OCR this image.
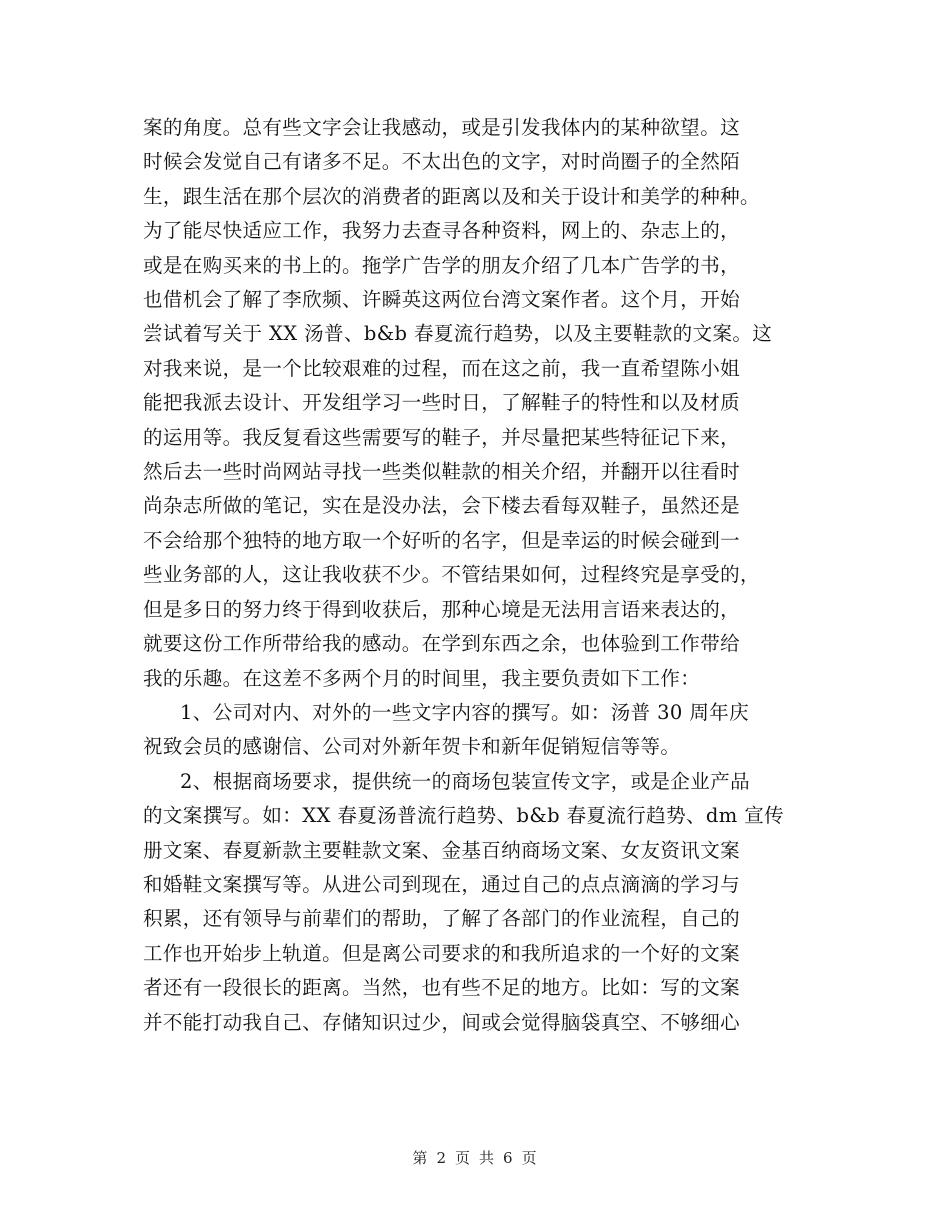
案的角度。总有些文字会让我感动，或是引发我体内的某种欲望。这
时候会发觉自己有诸多不足。不太出色的文字，对时尚圈子的全然陌
生，跟生活在那个层次的消费者的距离以及和关于设计和美学的种种。
为了能尽快适应工作，我努力去查寻各种资料，网上的、杂志上的，
或是在购买来的书上的。拖学广告学的朋友介绍了几本广告学的书，
也借机会了解了李欣频、许瞬英这两位台湾文案作者。这个月，开始
尝试着写关于 XX 汤普、b&b 春夏流行趋势，以及主要鞋款的文案。这
对我来说，是一个比较艰难的过程，而在这之前，我一直希望陈小姐
能把我派去设计、开发组学习一些时日，了解鞋子的特性和以及材质
的运用等。我反复看这些需要写的鞋子，并尽量把某些特征记下来，
然后去一些时尚网站寻找一些类似鞋款的相关介绍，并翻开以往看时
尚杂志所做的笔记，实在是没办法，会下楼去看每双鞋子，虽然还是
不会给那个独特的地方取一个好听的名字，但是幸运的时候会碰到一
些业务部的人，这让我收获不少。不管结果如何，过程终究是享受的，
但是多日的努力终于得到收获后，那种心境是无法用言语来表达的，
就要这份工作所带给我的感动。在学到东西之余，也体验到工作带给
我的乐趣。在这差不多两个月的时间里，我主要负责如下工作：
1、公司对内、对外的一些文字内容的撰写。如：汤普 30 周年庆
祝致会员的感谢信、公司对外新年贺卡和新年促销短信等等。
2、根据商场要求，提供统一的商场包装宣传文字，或是企业产品
的文案撰写。如：XX 春夏汤普流行趋势、b&b 春夏流行趋势、dm 宣传
册文案、春夏新款主要鞋款文案、金基百纳商场文案、女友资讯文案
和婚鞋文案撰写等。从进公司到现在，通过自己的点点滴滴的学习与
积累，还有领导与前辈们的帮助，了解了各部门的作业流程，自己的
工作也开始步上轨道。但是离公司要求的和我所追求的一个好的文案
者还有一段很长的距离。当然，也有些不足的地方。比如：写的文案
并不能打动我自己、存储知识过少，间或会觉得脑袋真空、不够细心
第 2 页 共 6 页
